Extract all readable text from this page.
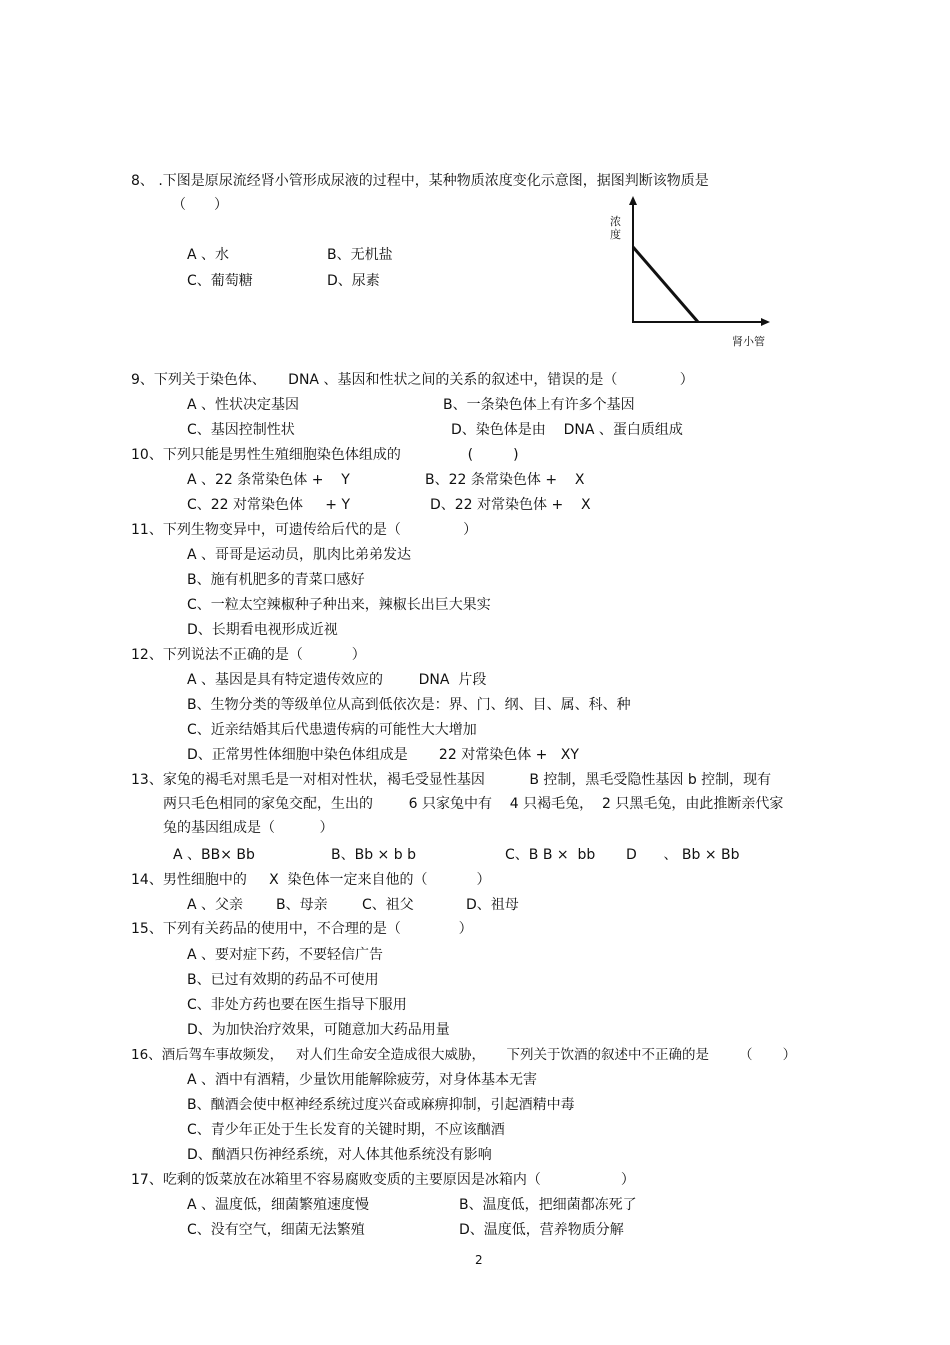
8、 .下图是原尿流经肾小管形成尿液的过程中，某种物质浓度变化示意图，据图判断该物质是
（　　）
A 、水	B、无机盐
C、葡萄糖	D、尿素
浓
度
肾小管
9、下列关于染色体、     DNA 、基因和性状之间的关系的叙述中，错误的是（              ）
A 、性状决定基因	B、一条染色体上有许多个基因
C、基因控制性状	D、染色体是由    DNA 、蛋白质组成
10、下列只能是男性生殖细胞染色体组成的               (         )
A 、22 条常染色体 +    Y	B、22 条常染色体 +    X
C、22 对常染色体     + Y	D、22 对常染色体 +    X
11、下列生物变异中，可遗传给后代的是（              ）
A 、哥哥是运动员，肌肉比弟弟发达
B、施有机肥多的青菜口感好
C、一粒太空辣椒种子种出来，辣椒长出巨大果实
D、长期看电视形成近视
12、下列说法不正确的是（           ）
A 、基因是具有特定遗传效应的        DNA  片段
B、生物分类的等级单位从高到低依次是：界、门、纲、目、属、科、种
C、近亲结婚其后代患遗传病的可能性大大增加
D、正常男性体细胞中染色体组成是       22 对常染色体 +   XY
13、家兔的褐毛对黑毛是一对相对性状，褐毛受显性基因          B 控制，黑毛受隐性基因 b 控制，现有
两只毛色相同的家兔交配，生出的        6 只家兔中有    4 只褐毛兔，  2 只黑毛兔，由此推断亲代家
兔的基因组成是（          ）
A 、BB× Bb	B、Bb × b b	C、B B ×  bb D      、 Bb × Bb
14、男性细胞中的     X  染色体一定来自他的（           ）
A 、父亲 B、母亲 C、祖父	D、祖母
15、下列有关药品的使用中，不合理的是（             ）
A 、要对症下药，不要轻信广告
B、已过有效期的药品不可使用
C、非处方药也要在医生指导下服用
D、为加快治疗效果，可随意加大药品用量
16、酒后驾车事故频发，   对人们生命安全造成很大威胁，     下列关于饮酒的叙述中不正确的是       （       ）
A 、酒中有酒精，少量饮用能解除疲劳，对身体基本无害
B、酗酒会使中枢神经系统过度兴奋或麻痹抑制，引起酒精中毒
C、青少年正处于生长发育的关键时期，不应该酗酒
D、酗酒只伤神经系统，对人体其他系统没有影响
17、吃剩的饭菜放在冰箱里不容易腐败变质的主要原因是冰箱内（                  ）
A 、温度低，细菌繁殖速度慢	B、温度低，把细菌都冻死了
C、没有空气，细菌无法繁殖	D、温度低，营养物质分解
2
